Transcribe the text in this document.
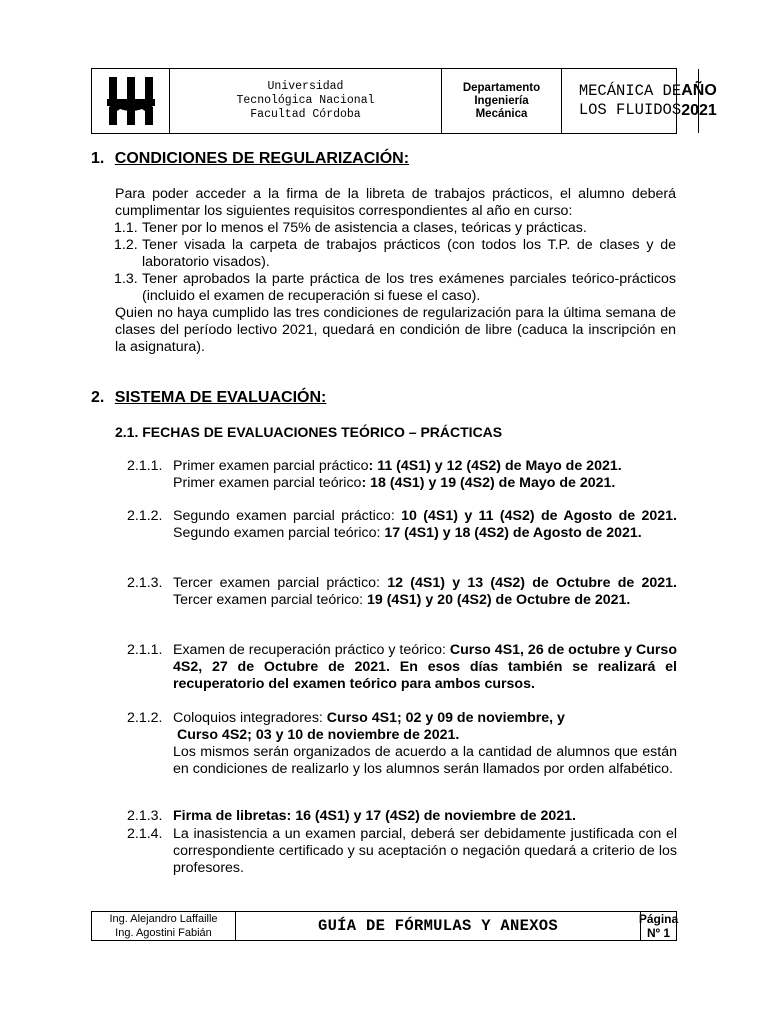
Universidad
Tecnológica Nacional
Facultad Córdoba
Departamento
Ingeniería
Mecánica
MECÁNICA DE
LOS FLUIDOS
AÑO
2021
1. CONDICIONES DE REGULARIZACIÓN:
Para poder acceder a la firma de la libreta de trabajos prácticos, el alumno deberá cumplimentar los siguientes requisitos correspondientes al año en curso:
1.1. Tener por lo menos el 75% de asistencia a clases, teóricas y prácticas.
1.2. Tener visada la carpeta de trabajos prácticos (con todos los T.P. de clases y de laboratorio visados).
1.3. Tener aprobados la parte práctica de los tres exámenes parciales teórico-prácticos (incluido el examen de recuperación si fuese el caso).
Quien no haya cumplido las tres condiciones de regularización para la última semana de clases del período lectivo 2021, quedará en condición de libre (caduca la inscripción en la asignatura).
2. SISTEMA DE EVALUACIÓN:
2.1. FECHAS DE EVALUACIONES TEÓRICO – PRÁCTICAS
2.1.1. Primer examen parcial práctico: 11 (4S1) y 12 (4S2) de Mayo de 2021.
Primer examen parcial teórico: 18 (4S1) y 19 (4S2) de Mayo de 2021.
2.1.2. Segundo examen parcial práctico: 10 (4S1) y 11 (4S2) de Agosto de 2021. Segundo examen parcial teórico: 17 (4S1) y 18 (4S2) de Agosto de 2021.
2.1.3. Tercer examen parcial práctico: 12 (4S1) y 13 (4S2) de Octubre de 2021. Tercer examen parcial teórico: 19 (4S1) y 20 (4S2) de Octubre de 2021.
2.1.1. Examen de recuperación práctico y teórico: Curso 4S1, 26 de octubre y Curso 4S2, 27 de Octubre de 2021. En esos días también se realizará el recuperatorio del examen teórico para ambos cursos.
2.1.2. Coloquios integradores: Curso 4S1; 02 y 09 de noviembre, y
Curso 4S2; 03 y 10 de noviembre de 2021.
Los mismos serán organizados de acuerdo a la cantidad de alumnos que están en condiciones de realizarlo y los alumnos serán llamados por orden alfabético.
2.1.3. Firma de libretas: 16 (4S1) y 17 (4S2) de noviembre de 2021.
2.1.4. La inasistencia a un examen parcial, deberá ser debidamente justificada con el correspondiente certificado y su aceptación o negación quedará a criterio de los profesores.
Ing. Alejandro Laffaille
Ing. Agostini Fabián	GUÍA DE FÓRMULAS Y ANEXOS	Página Nº 1
